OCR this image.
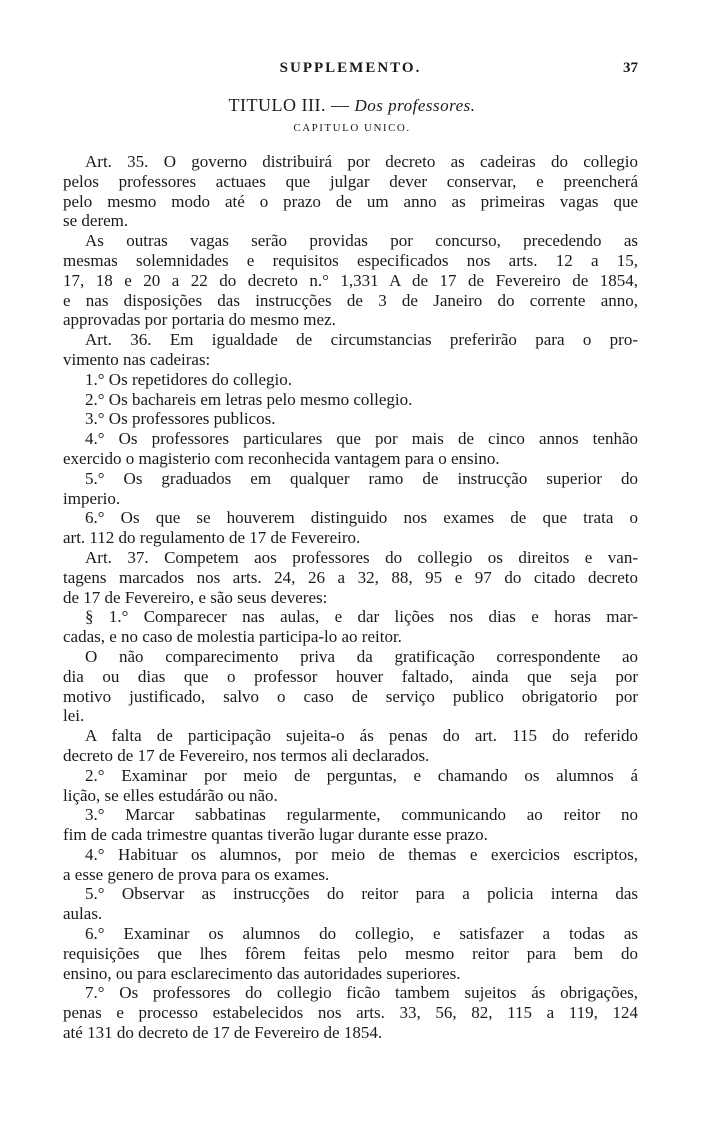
SUPPLEMENTO.	37
TITULO III. — Dos professores.
CAPITULO UNICO.
Art. 35. O governo distribuirá por decreto as cadeiras do collegio
pelos professores actuaes que julgar dever conservar, e preencherá
pelo mesmo modo até o prazo de um anno as primeiras vagas que
se derem.
As outras vagas serão providas por concurso, precedendo as
mesmas solemnidades e requisitos especificados nos arts. 12 a 15,
17, 18 e 20 a 22 do decreto n.° 1,331 A de 17 de Fevereiro de 1854,
e nas disposições das instrucções de 3 de Janeiro do corrente anno,
approvadas por portaria do mesmo mez.
Art. 36. Em igualdade de circumstancias preferirão para o pro-
vimento nas cadeiras:
1.° Os repetidores do collegio.
2.° Os bachareis em letras pelo mesmo collegio.
3.° Os professores publicos.
4.° Os professores particulares que por mais de cinco annos tenhão
exercido o magisterio com reconhecida vantagem para o ensino.
5.° Os graduados em qualquer ramo de instrucção superior do
imperio.
6.° Os que se houverem distinguido nos exames de que trata o
art. 112 do regulamento de 17 de Fevereiro.
Art. 37. Competem aos professores do collegio os direitos e van-
tagens marcados nos arts. 24, 26 a 32, 88, 95 e 97 do citado decreto
de 17 de Fevereiro, e são seus deveres:
§ 1.° Comparecer nas aulas, e dar lições nos dias e horas mar-
cadas, e no caso de molestia participa-lo ao reitor.
O não comparecimento priva da gratificação correspondente ao
dia ou dias que o professor houver faltado, ainda que seja por
motivo justificado, salvo o caso de serviço publico obrigatorio por
lei.
A falta de participação sujeita-o ás penas do art. 115 do referido
decreto de 17 de Fevereiro, nos termos ali declarados.
2.° Examinar por meio de perguntas, e chamando os alumnos á
lição, se elles estudárão ou não.
3.° Marcar sabbatinas regularmente, communicando ao reitor no
fim de cada trimestre quantas tiverão lugar durante esse prazo.
4.° Habituar os alumnos, por meio de themas e exercicios escriptos,
a esse genero de prova para os exames.
5.° Observar as instrucções do reitor para a policia interna das
aulas.
6.° Examinar os alumnos do collegio, e satisfazer a todas as
requisições que lhes fôrem feitas pelo mesmo reitor para bem do
ensino, ou para esclarecimento das autoridades superiores.
7.° Os professores do collegio ficão tambem sujeitos ás obrigações,
penas e processo estabelecidos nos arts. 33, 56, 82, 115 a 119, 124
até 131 do decreto de 17 de Fevereiro de 1854.
